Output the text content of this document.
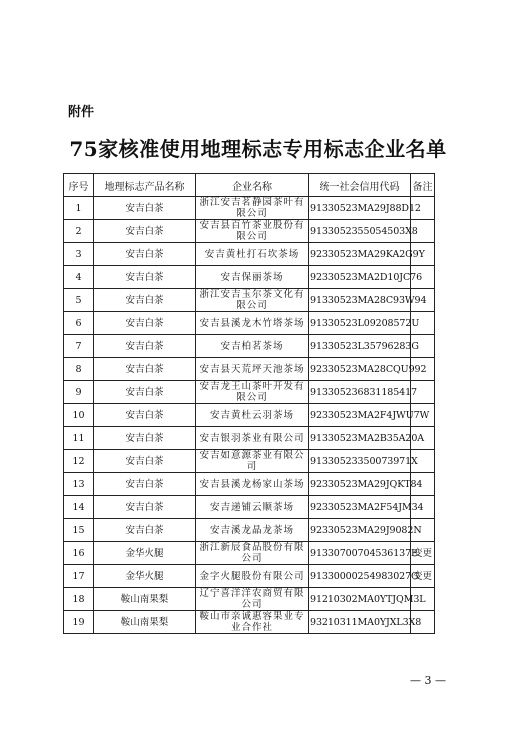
附件
75家核准使用地理标志专用标志企业名单
序号	地理标志产品名称	企业名称	统一社会信用代码	备注
1	安吉白茶	浙江安吉茗静园茶叶有限公司	91330523MA29J88D12	
2	安吉白茶	安吉县百竹茶业股份有限公司	9133052355054503X8	
3	安吉白茶	安吉黄杜打石坎茶场	92330523MA29KA2G9Y	
4	安吉白茶	安吉保丽茶场	92330523MA2D10JC76	
5	安吉白茶	浙江安吉玉尔茶文化有限公司	91330523MA28C93W94	
6	安吉白茶	安吉县溪龙木竹塔茶场	91330523L09208572U	
7	安吉白茶	安吉柏茗茶场	91330523L35796283G	
8	安吉白茶	安吉县天荒坪天池茶场	92330523MA28CQU992	
9	安吉白茶	安吉龙王山茶叶开发有限公司	913305236831185417	
10	安吉白茶	安吉黄杜云羽茶场	92330523MA2F4JWU7W	
11	安吉白茶	安吉银羽茶业有限公司	91330523MA2B35A20A	
12	安吉白茶	安吉如意源茶业有限公司	91330523350073971X	
13	安吉白茶	安吉县溪龙杨家山茶场	92330523MA29JQKT84	
14	安吉白茶	安吉递铺云顺茶场	92330523MA2F54JM34	
15	安吉白茶	安吉溪龙晶龙茶场	92330523MA29J9082N	
16	金华火腿	浙江新辰食品股份有限公司	91330700704536137E	变更
17	金华火腿	金字火腿股份有限公司	91330000254983027G	变更
18	鞍山南果梨	辽宁喜洋洋农商贸有限公司	91210302MA0YTJQM3L	
19	鞍山南果梨	鞍山市亲诚惠容果业专业合作社	93210311MA0YJXL3X8	
— 3 —
